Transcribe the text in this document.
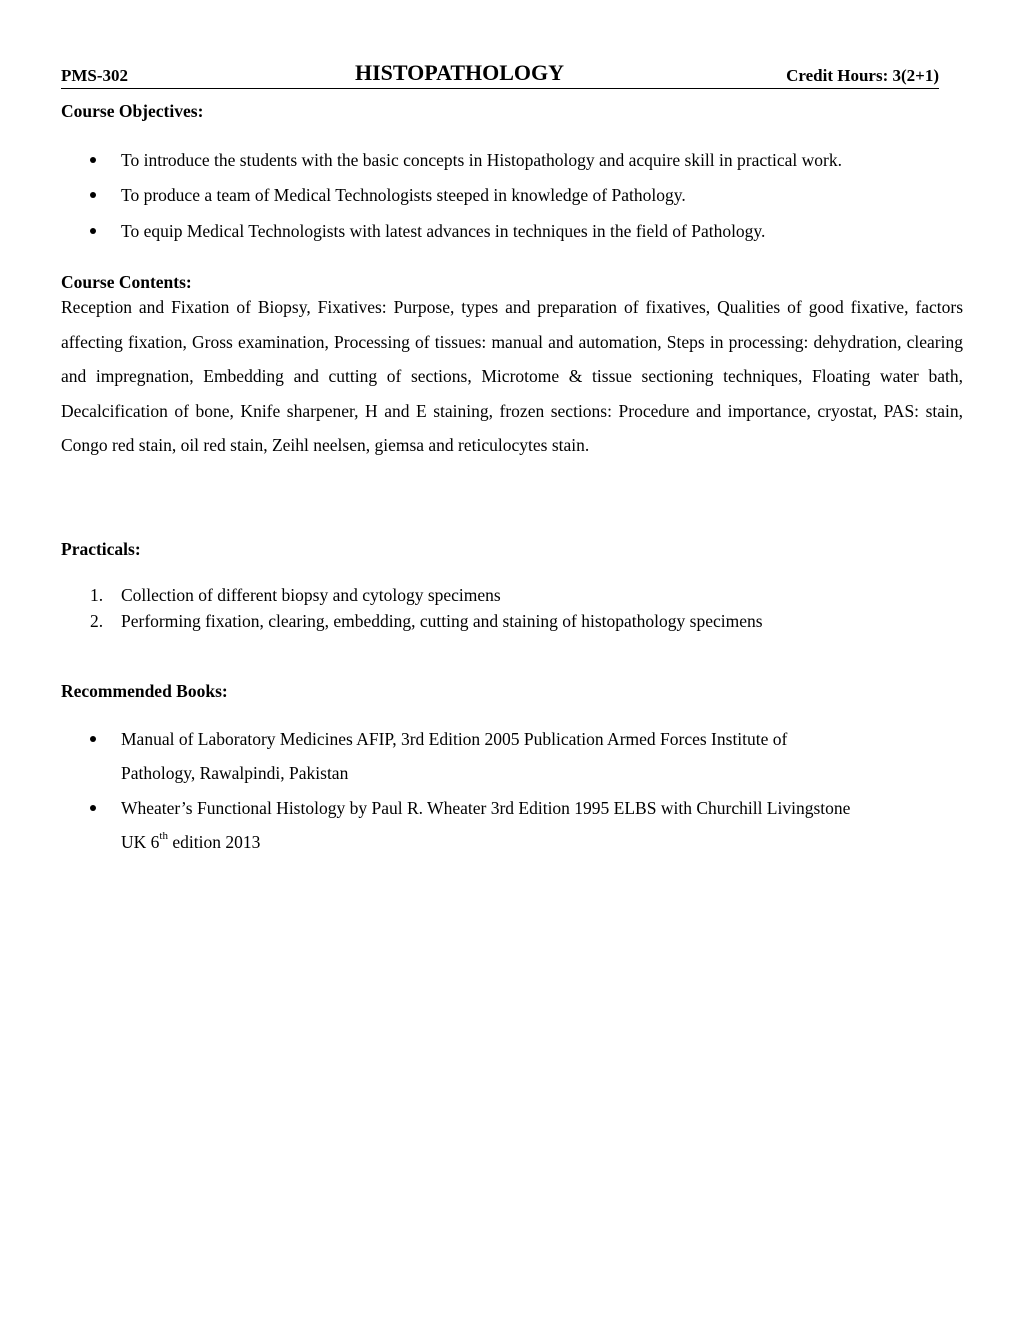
PMS-302	HISTOPATHOLOGY	Credit Hours: 3(2+1)
Course Objectives:
To introduce the students with the basic concepts in Histopathology and acquire skill in practical work.
To produce a team of Medical Technologists steeped in knowledge of Pathology.
To equip Medical Technologists with latest advances in techniques in the field of Pathology.
Course Contents:
Reception and Fixation of Biopsy, Fixatives: Purpose, types and preparation of fixatives, Qualities of good fixative, factors affecting fixation, Gross examination, Processing of tissues: manual and automation, Steps in processing: dehydration, clearing and impregnation, Embedding and cutting of sections, Microtome & tissue sectioning techniques, Floating water bath, Decalcification of bone, Knife sharpener, H and E staining, frozen sections: Procedure and importance, cryostat, PAS: stain, Congo red stain, oil red stain, Zeihl neelsen, giemsa and reticulocytes stain.
Practicals:
1. Collection of different biopsy and cytology specimens
2. Performing fixation, clearing, embedding, cutting and staining of histopathology specimens
Recommended Books:
Manual of Laboratory Medicines AFIP, 3rd Edition 2005 Publication Armed Forces Institute of
Pathology, Rawalpindi, Pakistan
Wheater’s Functional Histology by Paul R. Wheater 3rd Edition 1995 ELBS with Churchill Livingstone
UK 6th edition 2013
